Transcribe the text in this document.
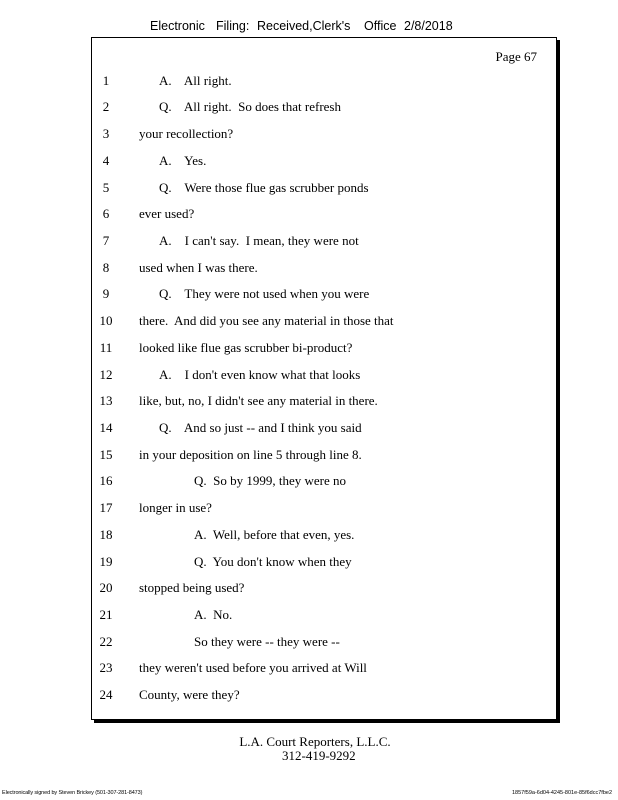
Electronic Filing: Received,Clerk's Office 2/8/2018
Page 67
1	A.    All right.
2	Q.    All right.  So does that refresh
3	your recollection?
4	A.    Yes.
5	Q.    Were those flue gas scrubber ponds
6	ever used?
7	A.    I can't say.  I mean, they were not
8	used when I was there.
9	Q.    They were not used when you were
10	there.  And did you see any material in those that
11	looked like flue gas scrubber bi-product?
12	A.    I don't even know what that looks
13	like, but, no, I didn't see any material in there.
14	Q.    And so just -- and I think you said
15	in your deposition on line 5 through line 8.
16	Q.  So by 1999, they were no
17	longer in use?
18	A.  Well, before that even, yes.
19	Q.  You don't know when they
20	stopped being used?
21	A.  No.
22	So they were -- they were --
23	they weren't used before you arrived at Will
24	County, were they?
L.A. Court Reporters, L.L.C.
312-419-9292
Electronically signed by Steven Brickey (501-307-281-8473)	1857f59a-6d04-4245-801e-85f6dcc7fbe2
